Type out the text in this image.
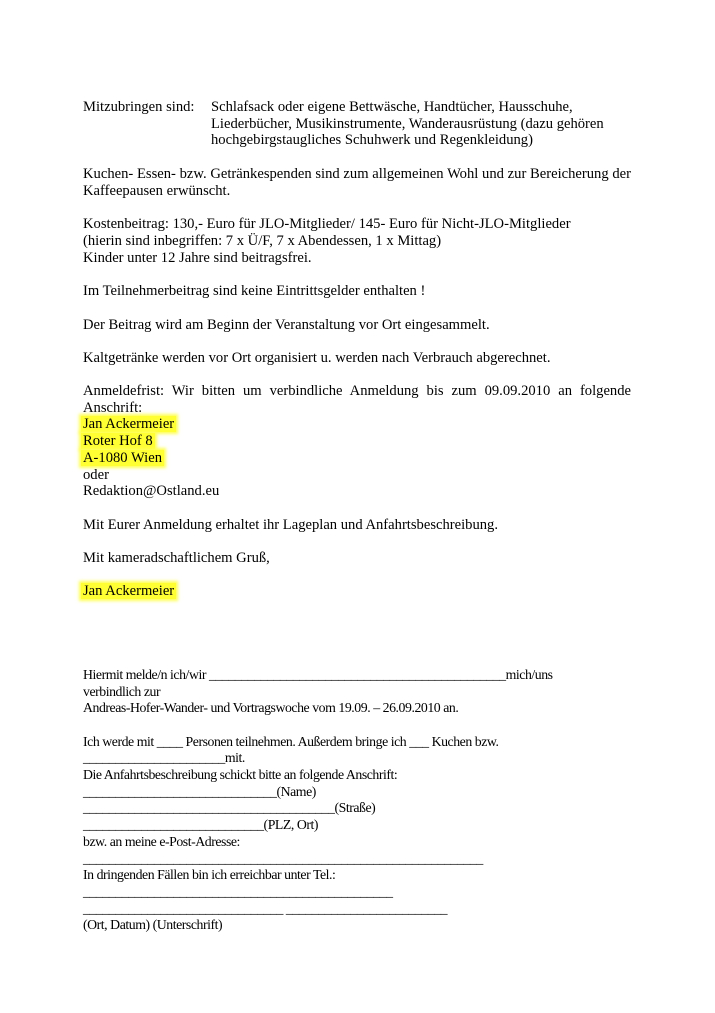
Mitzubringen sind: Schlafsack oder eigene Bettwäsche, Handtücher, Hausschuhe,
Liederbücher, Musikinstrumente, Wanderausrüstung (dazu gehören
hochgebirgstaugliches Schuhwerk und Regenkleidung)
Kuchen- Essen- bzw. Getränkespenden sind zum allgemeinen Wohl und zur Bereicherung der
Kaffeepausen erwünscht.
Kostenbeitrag: 130,- Euro für JLO-Mitglieder/ 145- Euro für Nicht-JLO-Mitglieder
(hierin sind inbegriffen: 7 x Ü/F, 7 x Abendessen, 1 x Mittag)
Kinder unter 12 Jahre sind beitragsfrei.
Im Teilnehmerbeitrag sind keine Eintrittsgelder enthalten !
Der Beitrag wird am Beginn der Veranstaltung vor Ort eingesammelt.
Kaltgetränke werden vor Ort organisiert u. werden nach Verbrauch abgerechnet.
Anmeldefrist: Wir bitten um verbindliche Anmeldung bis zum 09.09.2010 an folgende
Anschrift:
Jan Ackermeier
Roter Hof 8
A-1080 Wien
oder
Redaktion@Ostland.eu
Mit Eurer Anmeldung erhaltet ihr Lageplan und Anfahrtsbeschreibung.
Mit kameradschaftlichem Gruß,
Jan Ackermeier
Hiermit melde/n ich/wir ______________________________________________mich/uns
verbindlich zur
Andreas-Hofer-Wander- und Vortragswoche vom 19.09. – 26.09.2010 an.
Ich werde mit ____ Personen teilnehmen. Außerdem bringe ich ___ Kuchen bzw.
______________________mit.
Die Anfahrtsbeschreibung schickt bitte an folgende Anschrift:
______________________________(Name)
_______________________________________(Straße)
____________________________(PLZ, Ort)
bzw. an meine e-Post-Adresse:
______________________________________________________________
In dringenden Fällen bin ich erreichbar unter Tel.:
________________________________________________
_______________________________ _________________________
(Ort, Datum) (Unterschrift)
